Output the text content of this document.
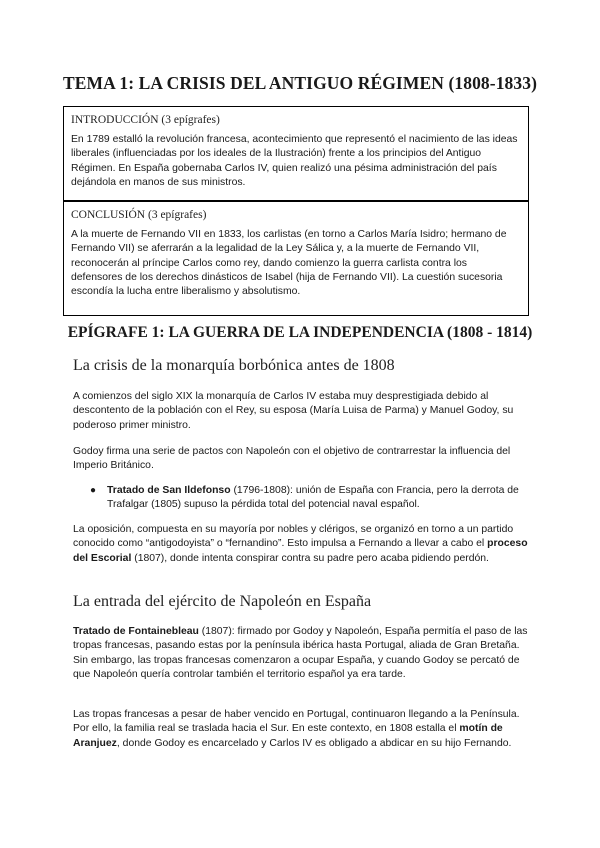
TEMA 1: LA CRISIS DEL ANTIGUO RÉGIMEN (1808-1833)
INTRODUCCIÓN (3 epígrafes)

En 1789 estalló la revolución francesa, acontecimiento que representó el nacimiento de las ideas liberales (influenciadas por los ideales de la Ilustración) frente a los principios del Antiguo Régimen. En España gobernaba Carlos IV, quien realizó una pésima administración del país dejándola en manos de sus ministros.

CONCLUSIÓN (3 epígrafes)

A la muerte de Fernando VII en 1833, los carlistas (en torno a Carlos María Isidro; hermano de Fernando VII) se aferrarán a la legalidad de la Ley Sálica y, a la muerte de Fernando VII, reconocerán al príncipe Carlos como rey, dando comienzo la guerra carlista contra los defensores de los derechos dinásticos de Isabel (hija de Fernando VII). La cuestión sucesoria escondía la lucha entre liberalismo y absolutismo.

EPÍGRAFE 1: LA GUERRA DE LA INDEPENDENCIA (1808 - 1814)
La crisis de la monarquía borbónica antes de 1808

A comienzos del siglo XIX la monarquía de Carlos IV estaba muy desprestigiada debido al descontento de la población con el Rey, su esposa (María Luisa de Parma) y Manuel Godoy, su poderoso primer ministro.

Godoy firma una serie de pactos con Napoleón con el objetivo de contrarrestar la influencia del Imperio Británico.

● Tratado de San Ildefonso (1796-1808): unión de España con Francia, pero la derrota de Trafalgar (1805) supuso la pérdida total del potencial naval español.

La oposición, compuesta en su mayoría por nobles y clérigos, se organizó en torno a un partido conocido como “antigodoyista” o “fernandino”. Esto impulsa a Fernando a llevar a cabo el proceso del Escorial (1807), donde intenta conspirar contra su padre pero acaba pidiendo perdón.

La entrada del ejército de Napoleón en España

Tratado de Fontainebleau (1807): firmado por Godoy y Napoleón, España permitía el paso de las tropas francesas, pasando estas por la península ibérica hasta Portugal, aliada de Gran Bretaña. Sin embargo, las tropas francesas comenzaron a ocupar España, y cuando Godoy se percató de que Napoleón quería controlar también el territorio español ya era tarde.

Las tropas francesas a pesar de haber vencido en Portugal, continuaron llegando a la Península. Por ello, la familia real se traslada hacia el Sur. En este contexto, en 1808 estalla el motín de Aranjuez, donde Godoy es encarcelado y Carlos IV es obligado a abdicar en su hijo Fernando.
